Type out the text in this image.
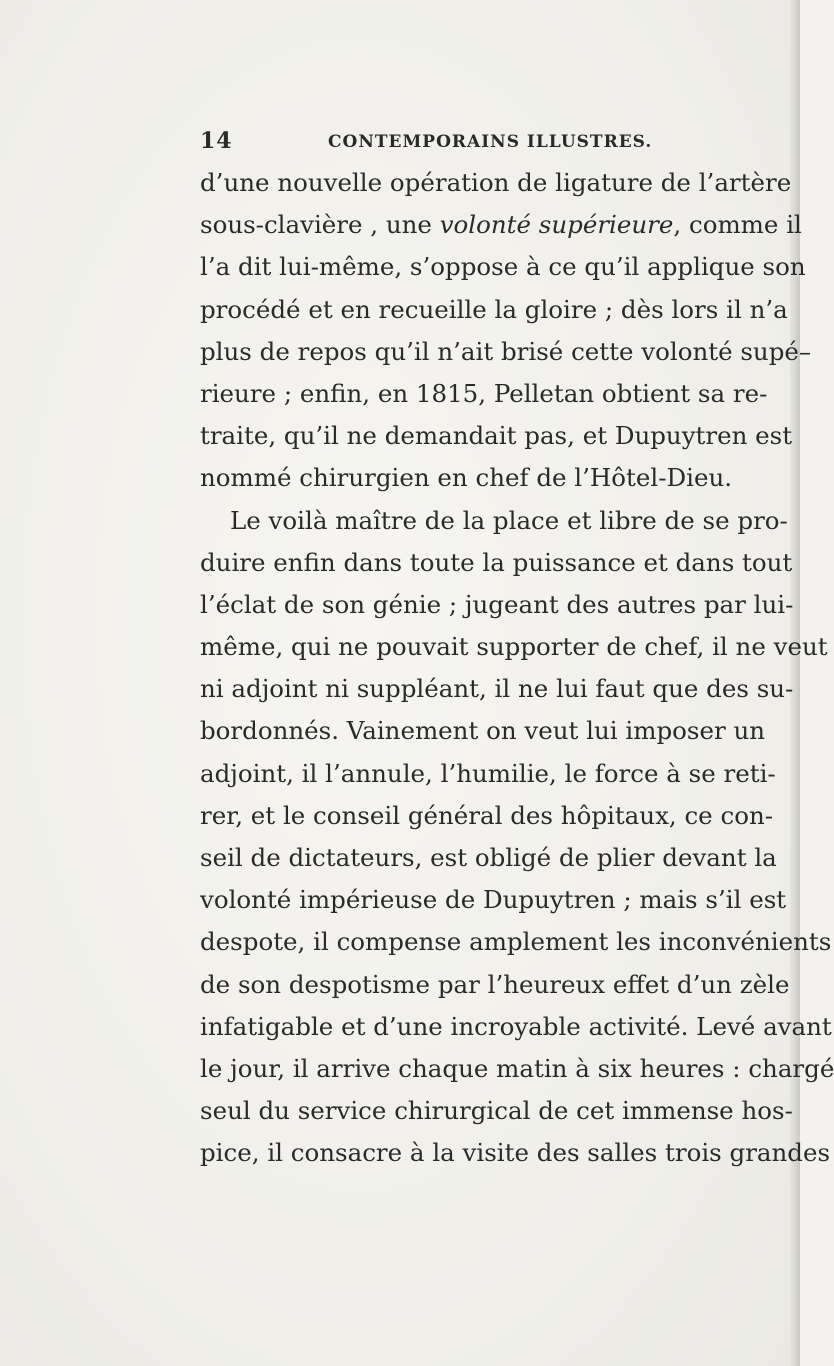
14	CONTEMPORAINS ILLUSTRES.
d’une nouvelle opération de ligature de l’artère
sous-clavière , une volonté supérieure, comme il
l’a dit lui-même, s’oppose à ce qu’il applique son
procédé et en recueille la gloire ; dès lors il n’a
plus de repos qu’il n’ait brisé cette volonté supé–
rieure ; enfin, en 1815, Pelletan obtient sa re-
traite, qu’il ne demandait pas, et Dupuytren est
nommé chirurgien en chef de l’Hôtel-Dieu.
Le voilà maître de la place et libre de se pro-
duire enfin dans toute la puissance et dans tout
l’éclat de son génie ; jugeant des autres par lui-
même, qui ne pouvait supporter de chef, il ne veut
ni adjoint ni suppléant, il ne lui faut que des su-
bordonnés. Vainement on veut lui imposer un
adjoint, il l’annule, l’humilie, le force à se reti-
rer, et le conseil général des hôpitaux, ce con-
seil de dictateurs, est obligé de plier devant la
volonté impérieuse de Dupuytren ; mais s’il est
despote, il compense amplement les inconvénients
de son despotisme par l’heureux effet d’un zèle
infatigable et d’une incroyable activité. Levé avant
le jour, il arrive chaque matin à six heures : chargé
seul du service chirurgical de cet immense hos-
pice, il consacre à la visite des salles trois grandes
